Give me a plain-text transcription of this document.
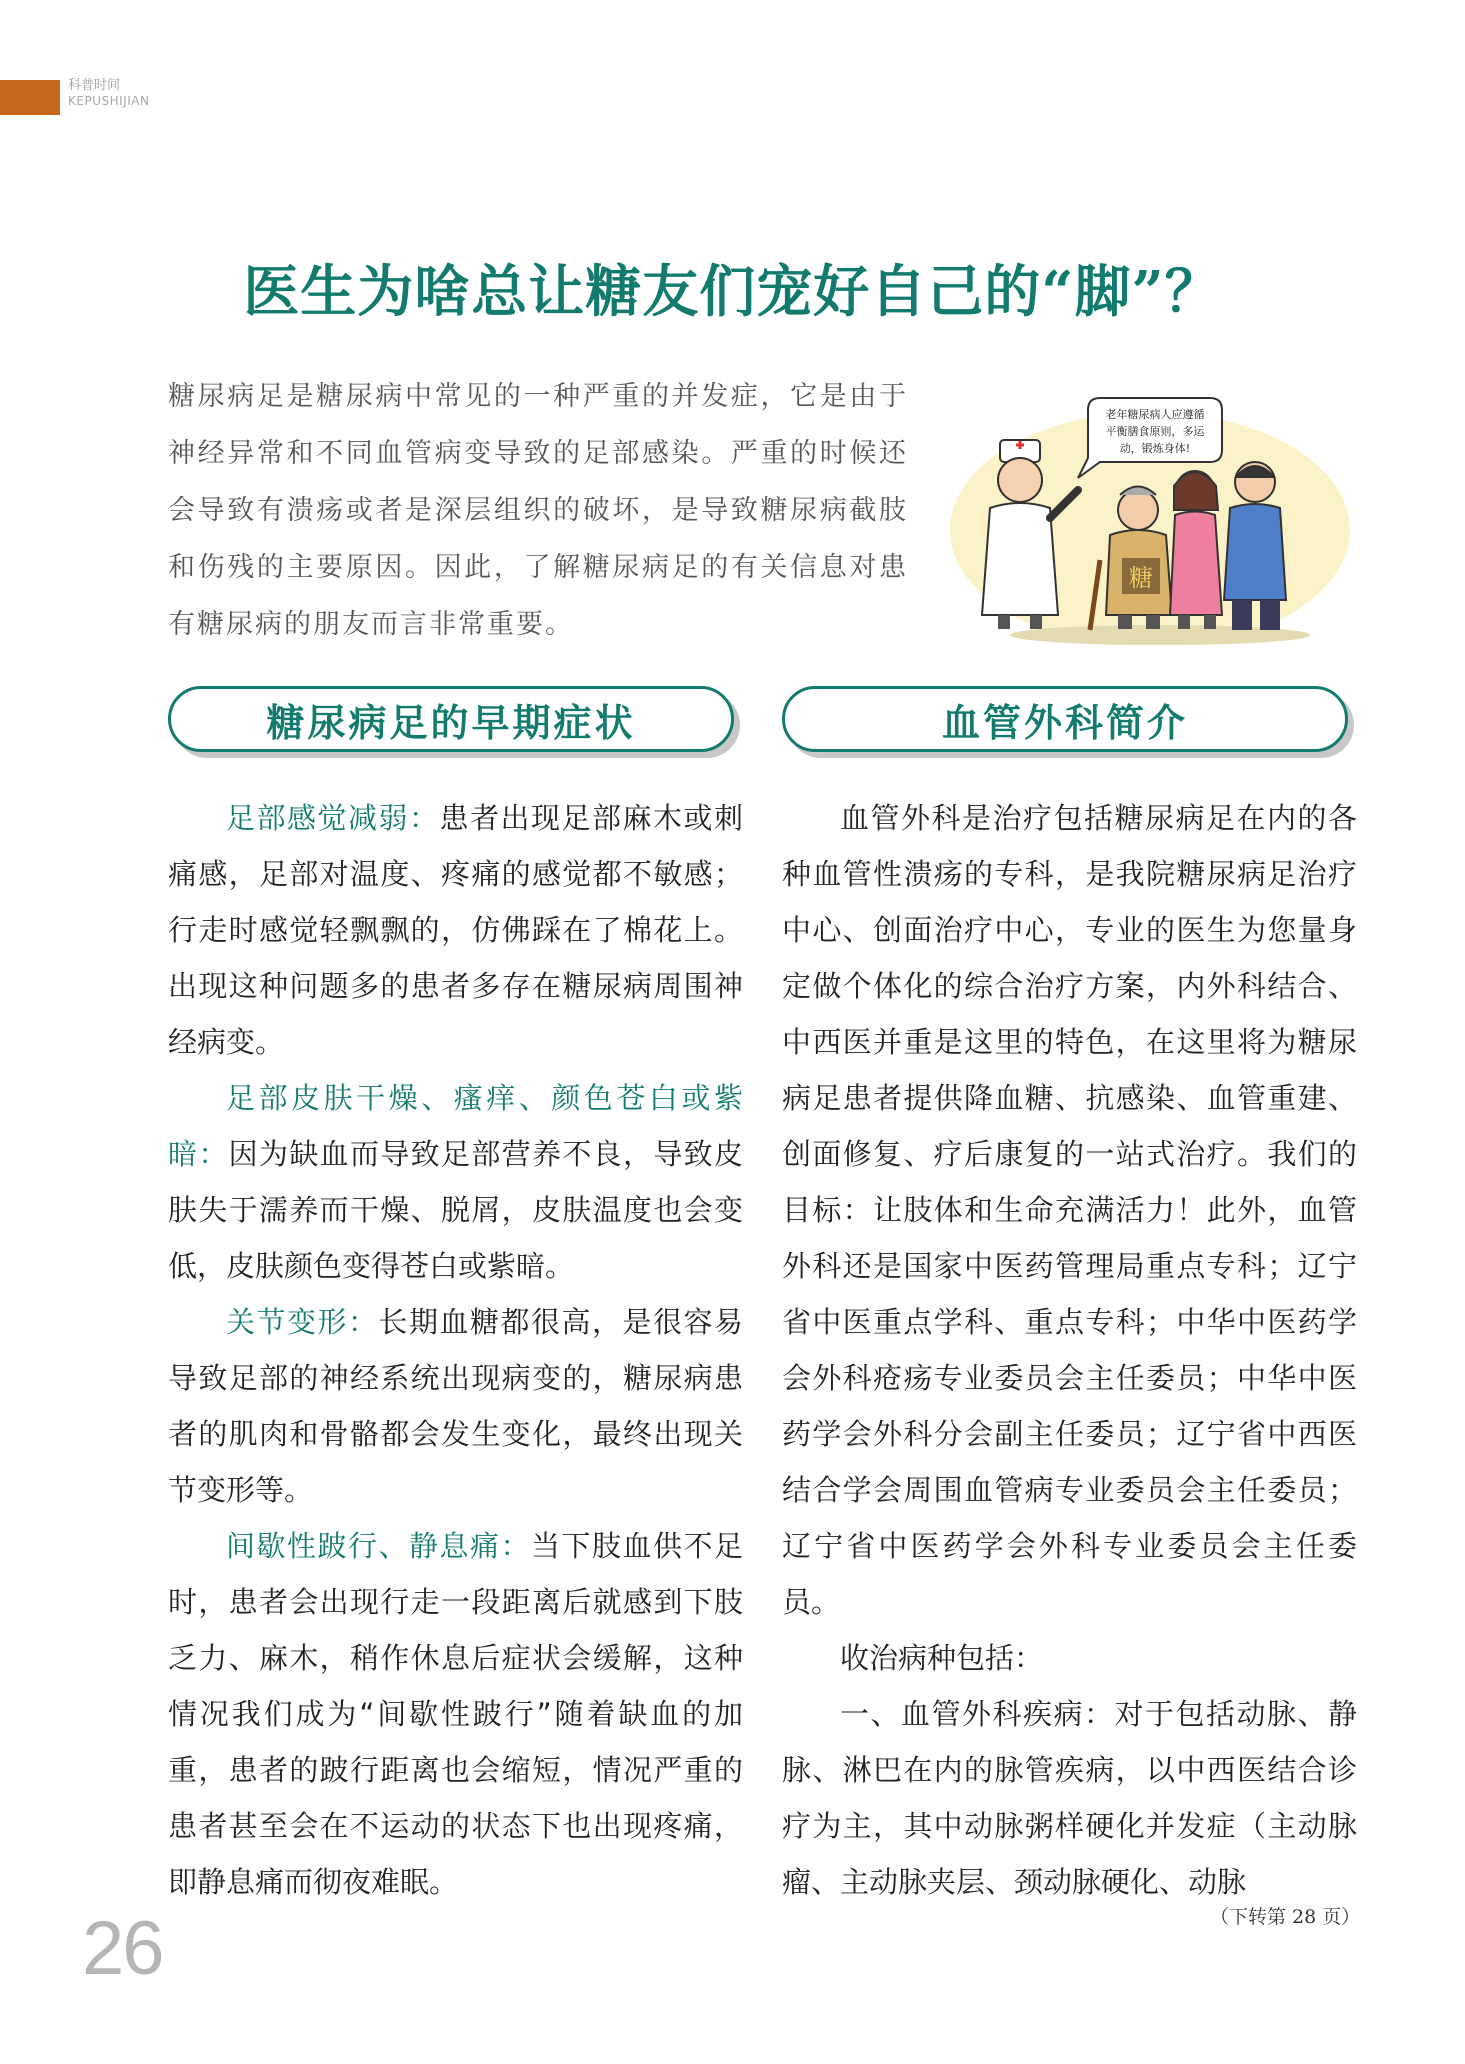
科普时间
KEPUSHIJIAN
医生为啥总让糖友们宠好自己的“脚”？

糖尿病足是糖尿病中常见的一种严重的并发症，它是由于神经异常和不同血管病变导致的足部感染。严重的时候还会导致有溃疡或者是深层组织的破坏，是导致糖尿病截肢和伤残的主要原因。因此，了解糖尿病足的有关信息对患有糖尿病的朋友而言非常重要。

老年糖尿病人应遵循
平衡膳食原则，多运
动，锻炼身体!
糖
糖尿病足的早期症状	血管外科简介

足部感觉减弱：患者出现足部麻木或刺痛感，足部对温度、疼痛的感觉都不敏感；行走时感觉轻飘飘的，仿佛踩在了棉花上。出现这种问题多的患者多存在糖尿病周围神经病变。

足部皮肤干燥、瘙痒、颜色苍白或紫暗：因为缺血而导致足部营养不良，导致皮肤失于濡养而干燥、脱屑，皮肤温度也会变低，皮肤颜色变得苍白或紫暗。

关节变形：长期血糖都很高，是很容易导致足部的神经系统出现病变的，糖尿病患者的肌肉和骨骼都会发生变化，最终出现关节变形等。

间歇性跛行、静息痛：当下肢血供不足时，患者会出现行走一段距离后就感到下肢乏力、麻木，稍作休息后症状会缓解，这种情况我们成为“间歇性跛行”随着缺血的加重，患者的跛行距离也会缩短，情况严重的患者甚至会在不运动的状态下也出现疼痛，即静息痛而彻夜难眠。

血管外科是治疗包括糖尿病足在内的各种血管性溃疡的专科，是我院糖尿病足治疗中心、创面治疗中心，专业的医生为您量身定做个体化的综合治疗方案，内外科结合、中西医并重是这里的特色，在这里将为糖尿病足患者提供降血糖、抗感染、血管重建、创面修复、疗后康复的一站式治疗。我们的目标：让肢体和生命充满活力！此外，血管外科还是国家中医药管理局重点专科；辽宁省中医重点学科、重点专科；中华中医药学会外科疮疡专业委员会主任委员；中华中医药学会外科分会副主任委员；辽宁省中西医结合学会周围血管病专业委员会主任委员；辽宁省中医药学会外科专业委员会主任委员。

收治病种包括：

一、血管外科疾病：对于包括动脉、静脉、淋巴在内的脉管疾病，以中西医结合诊疗为主，其中动脉粥样硬化并发症（主动脉瘤、主动脉夹层、颈动脉硬化、动脉

（下转第 28 页）
26
